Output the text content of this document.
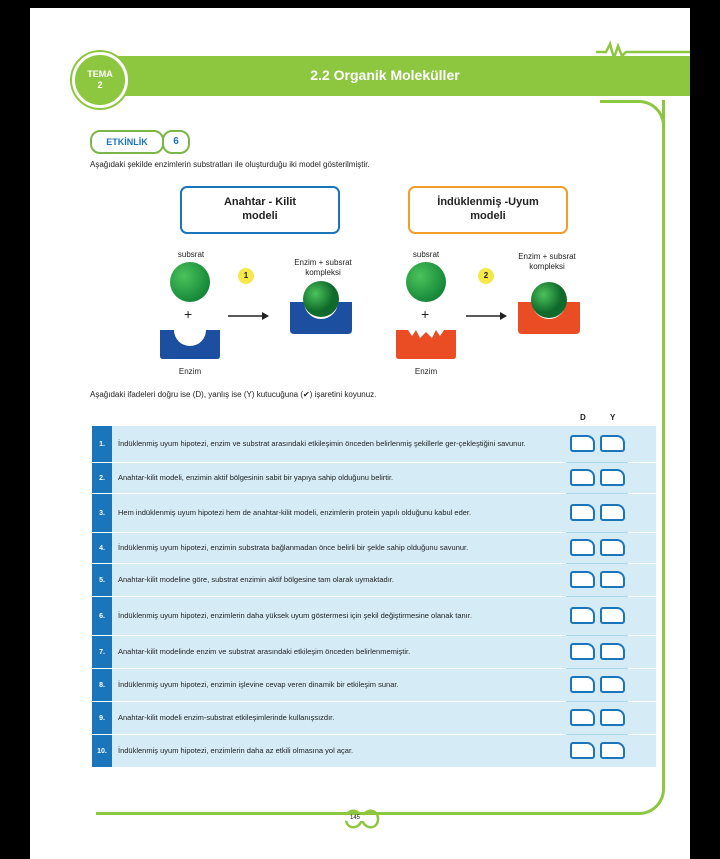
2.2 Organik Moleküller
TEMA
2
ETKİNLİK	6
Aşağıdaki şekilde enzimlerin substratları ile oluşturduğu iki model gösterilmiştir.
Anahtar - Kilit
modeli
subsrat
+
Enzim
1
Enzim + subsrat
kompleksi
İndüklenmiş -Uyum
modeli
subsrat
+
Enzim
2
Enzim + subsrat
kompleksi
Aşağıdaki ifadeleri doğru ise (D), yanlış ise (Y) kutucuğuna (✔) işaretini koyunuz.
D	Y
1.	İndüklenmiş uyum hipotezi, enzim ve substrat arasındaki etkileşimin önceden belirlenmiş şekillerle ger-çekleştiğini savunur.
2.	Anahtar-kilit modeli, enzimin aktif bölgesinin sabit bir yapıya sahip olduğunu belirtir.
3.	Hem indüklenmiş uyum hipotezi hem de anahtar-kilit modeli, enzimlerin protein yapılı olduğunu kabul eder.
4.	İndüklenmiş uyum hipotezi, enzimin substrata bağlanmadan önce belirli bir şekle sahip olduğunu savunur.
5.	Anahtar-kilit modeline göre, substrat enzimin aktif bölgesine tam olarak uymaktadır.
6.	İndüklenmiş uyum hipotezi, enzimlerin daha yüksek uyum göstermesi için şekil değiştirmesine olanak tanır.
7.	Anahtar-kilit modelinde enzim ve substrat arasındaki etkileşim önceden belirlenmemiştir.
8.	İndüklenmiş uyum hipotezi, enzimin işlevine cevap veren dinamik bir etkileşim sunar.
9.	Anahtar-kilit modeli enzim-substrat etkileşimlerinde kullanışsızdır.
10.	İndüklenmiş uyum hipotezi, enzimlerin daha az etkili olmasına yol açar.
145
